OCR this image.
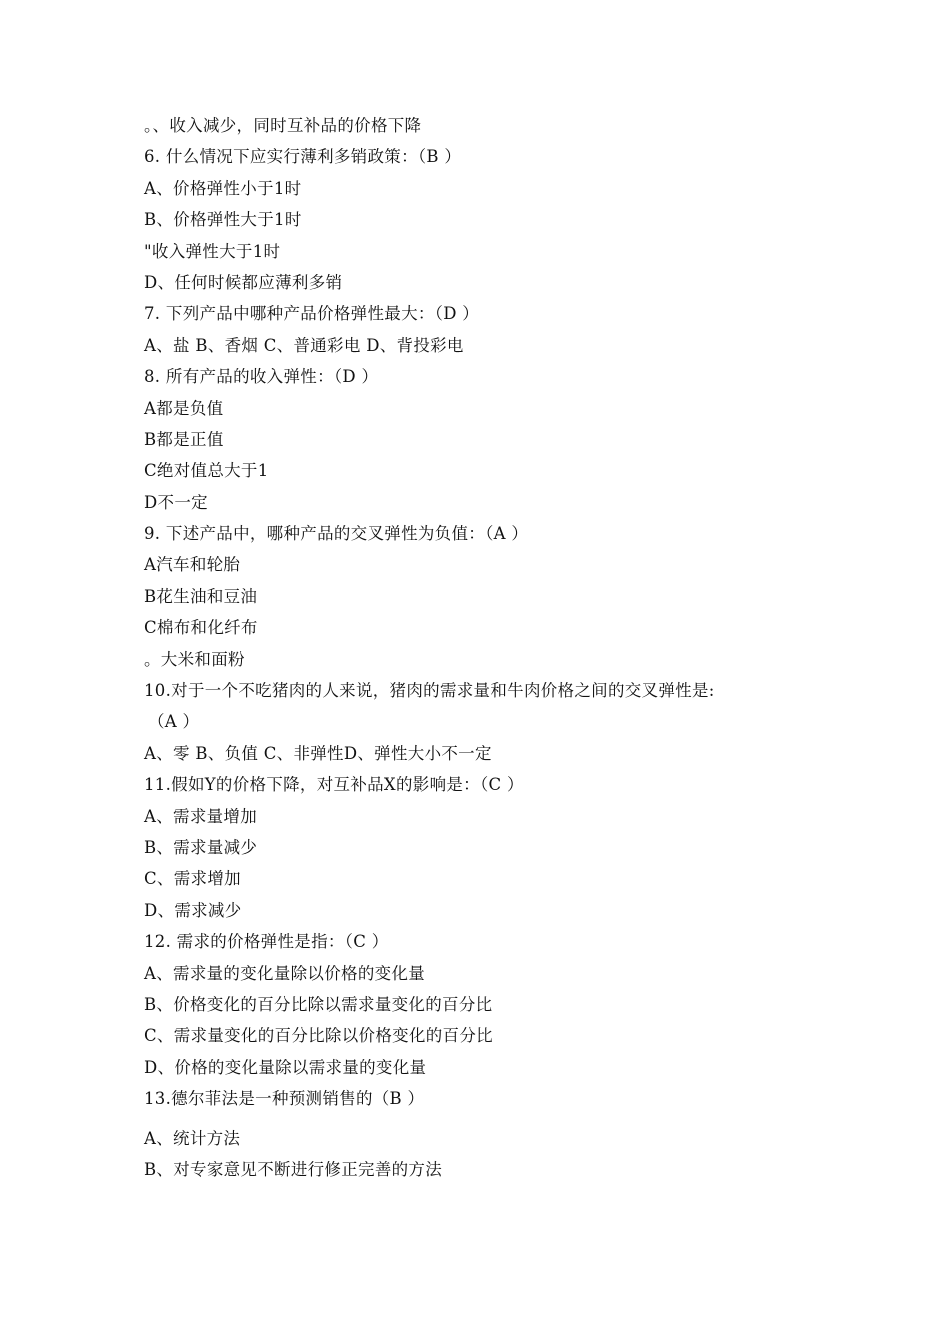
。、收入减少，同时互补品的价格下降
6. 什么情况下应实行薄利多销政策：（B ）
A、价格弹性小于1时
B、价格弹性大于1时
"收入弹性大于1时
D、任何时候都应薄利多销
7. 下列产品中哪种产品价格弹性最大：（D ）
A、盐 B、香烟 C、普通彩电 D、背投彩电
8. 所有产品的收入弹性：（D ）
A都是负值
B都是正值
C绝对值总大于1
D不一定
9. 下述产品中，哪种产品的交叉弹性为负值：（A ）
A汽车和轮胎
B花生油和豆油
C棉布和化纤布
。大米和面粉
10.对于一个不吃猪肉的人来说，猪肉的需求量和牛肉价格之间的交叉弹性是:
（A ）
A、零 B、负值 C、非弹性D、弹性大小不一定
11.假如Y的价格下降，对互补品X的影响是：（C ）
A、需求量增加
B、需求量减少
C、需求增加
D、需求减少
12. 需求的价格弹性是指：（C ）
A、需求量的变化量除以价格的变化量
B、价格变化的百分比除以需求量变化的百分比
C、需求量变化的百分比除以价格变化的百分比
D、价格的变化量除以需求量的变化量
13.德尔菲法是一种预测销售的（B ）
A、统计方法
B、对专家意见不断进行修正完善的方法
